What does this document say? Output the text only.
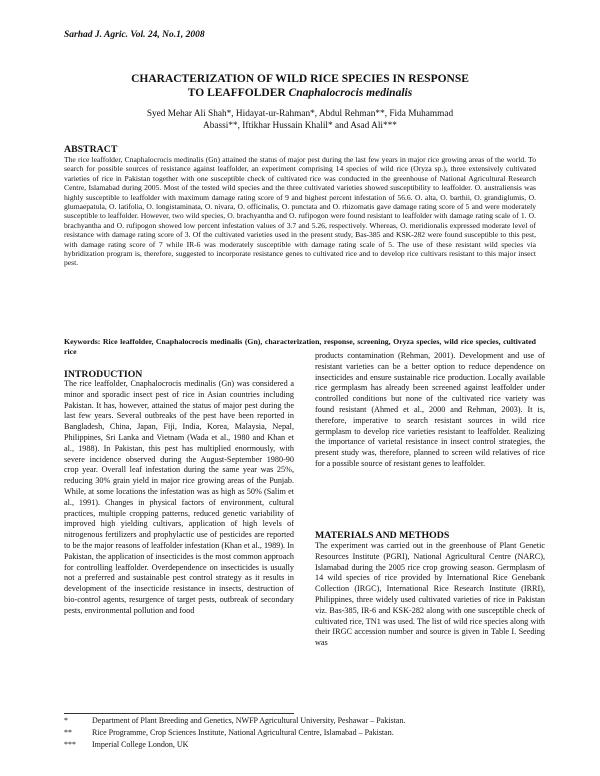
Sarhad J. Agric. Vol. 24, No.1, 2008
CHARACTERIZATION OF WILD RICE SPECIES IN RESPONSE
TO LEAFFOLDER Cnaphalocrocis medinalis
Syed Mehar Ali Shah*, Hidayat-ur-Rahman*, Abdul Rehman**, Fida Muhammad
Abassi**, Iftikhar Hussain Khalil* and Asad Ali***
ABSTRACT

The rice leaffolder, Cnaphalocrocis medinalis (Gn) attained the status of major pest during the last few years in major rice growing areas of the world. To search for possible sources of resistance against leaffolder, an experiment comprising 14 species of wild rice (Oryza sp.), three extensively cultivated varieties of rice in Pakistan together with one susceptible check of cultivated rice was conducted in the greenhouse of National Agricultural Research Centre, Islamabad during 2005. Most of the tested wild species and the three cultivated varieties showed susceptibility to leaffolder. O. australiensis was highly susceptible to leaffolder with maximum damage rating score of 9 and highest percent infestation of 56.6. O. alta, O. barthii, O. grandiglumis, O. glumaepatula, O. latifolia, O. longistaminata, O. nivara, O. officinalis, O. punctata and O. rhizomatis gave damage rating score of 5 and were moderately susceptible to leaffolder. However, two wild species, O. brachyantha and O. rufipogon were found resistant to leaffolder with damage rating scale of 1. O. brachyantha and O. rufipogon showed low percent infestation values of 3.7 and 5.26, respectively. Whereas, O. meridionalis expressed moderate level of resistance with damage rating score of 3. Of the cultivated varieties used in the present study, Bas-385 and KSK-282 were found susceptible to this pest, with damage rating score of 7 while IR-6 was moderately susceptible with damage rating scale of 5. The use of these resistant wild species via hybridization program is, therefore, suggested to incorporate resistance genes to cultivated rice and to develop rice cultivars resistant to this major insect pest.

Keywords: Rice leaffolder, Cnaphalocrocis medinalis (Gn), characterization, response, screening, Oryza species, wild rice species, cultivated rice

INTRODUCTION

The rice leaffolder, Cnaphalocrocis medinalis (Gn) was considered a minor and sporadic insect pest of rice in Asian countries including Pakistan. It has, however, attained the status of major pest during the last few years. Several outbreaks of the pest have been reported in Bangladesh, China, Japan, Fiji, India, Korea, Malaysia, Nepal, Philippines, Sri Lanka and Vietnam (Wada et al., 1980 and Khan et al., 1988). In Pakistan, this pest has multiplied enormously, with severe incidence observed during the August-September 1980-90 crop year. Overall leaf infestation during the same year was 25%, reducing 30% grain yield in major rice growing areas of the Punjab. While, at some locations the infestation was as high as 50% (Salim et al., 1991). Changes in physical factors of environment, cultural practices, multiple cropping patterns, reduced genetic variability of improved high yielding cultivars, application of high levels of nitrogenous fertilizers and prophylactic use of pesticides are reported to be the major reasons of leaffolder infestation (Khan et al., 1989). In Pakistan, the application of insecticides is the most common approach for controlling leaffolder. Overdependence on insecticides is usually not a preferred and sustainable pest control strategy as it results in development of the insecticide resistance in insects, destruction of bio-control agents, resurgence of target pests, outbreak of secondary pests, environmental pollution and food

products contamination (Rehman, 2001). Development and use of resistant varieties can be a better option to reduce dependence on insecticides and ensure sustainable rice production. Locally available rice germplasm has already been screened against leaffolder under controlled conditions but none of the cultivated rice variety was found resistant (Ahmed et al., 2000 and Rehman, 2003). It is, therefore, imperative to search resistant sources in wild rice germplasm to develop rice varieties resistant to leaffolder. Realizing the importance of varietal resistance in insect control strategies, the present study was, therefore, planned to screen wild relatives of rice for a possible source of resistant genes to leaffolder.

MATERIALS AND METHODS

The experiment was carried out in the greenhouse of Plant Genetic Resources Institute (PGRI), National Agricultural Centre (NARC), Islamabad during the 2005 rice crop growing season. Germplasm of 14 wild species of rice provided by International Rice Genebank Collection (IRGC), International Rice Research Institute (IRRI), Philippines, three widely used cultivated varieties of rice in Pakistan viz. Bas-385, IR-6 and KSK-282 along with one susceptible check of cultivated rice, TN1 was used. The list of wild rice species along with their IRGC accession number and source is given in Table I. Seeding was

*	Department of Plant Breeding and Genetics, NWFP Agricultural University, Peshawar – Pakistan.
**	Rice Programme, Crop Sciences Institute, National Agricultural Centre, Islamabad – Pakistan.
*** Imperial College London, UK
